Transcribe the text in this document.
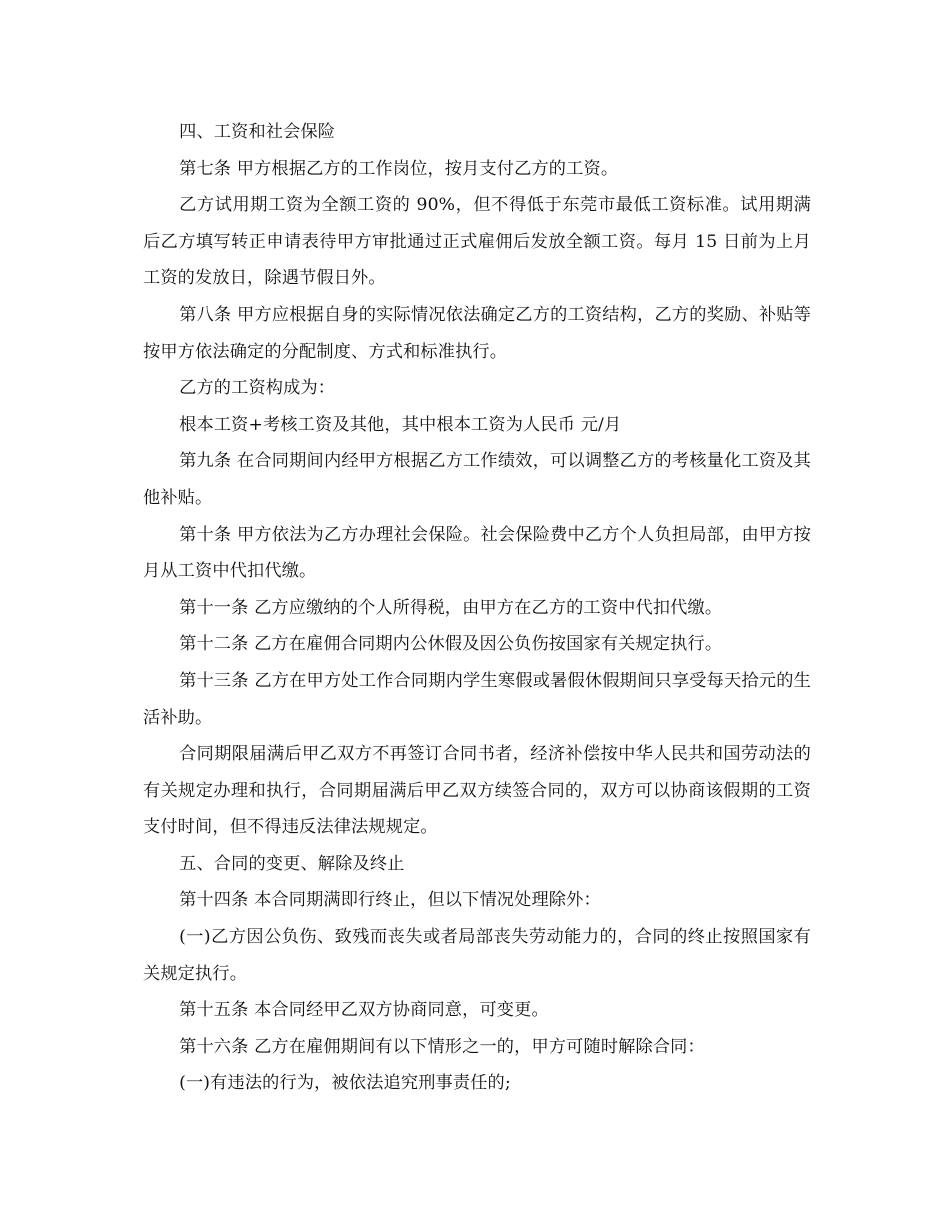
四、工资和社会保险

第七条 甲方根据乙方的工作岗位，按月支付乙方的工资。

乙方试用期工资为全额工资的 90%，但不得低于东莞市最低工资标准。试用期满后乙方填写转正申请表待甲方审批通过正式雇佣后发放全额工资。每月 15 日前为上月工资的发放日，除遇节假日外。

第八条 甲方应根据自身的实际情况依法确定乙方的工资结构，乙方的奖励、补贴等按甲方依法确定的分配制度、方式和标准执行。

乙方的工资构成为：

根本工资+考核工资及其他，其中根本工资为人民币 元/月

第九条 在合同期间内经甲方根据乙方工作绩效，可以调整乙方的考核量化工资及其他补贴。

第十条 甲方依法为乙方办理社会保险。社会保险费中乙方个人负担局部，由甲方按月从工资中代扣代缴。

第十一条 乙方应缴纳的个人所得税，由甲方在乙方的工资中代扣代缴。

第十二条 乙方在雇佣合同期内公休假及因公负伤按国家有关规定执行。

第十三条 乙方在甲方处工作合同期内学生寒假或暑假休假期间只享受每天拾元的生活补助。

合同期限届满后甲乙双方不再签订合同书者，经济补偿按中华人民共和国劳动法的有关规定办理和执行，合同期届满后甲乙双方续签合同的，双方可以协商该假期的工资支付时间，但不得违反法律法规规定。

五、合同的变更、解除及终止

第十四条 本合同期满即行终止，但以下情况处理除外：

(一)乙方因公负伤、致残而丧失或者局部丧失劳动能力的，合同的终止按照国家有关规定执行。

第十五条 本合同经甲乙双方协商同意，可变更。

第十六条 乙方在雇佣期间有以下情形之一的，甲方可随时解除合同：

(一)有违法的行为，被依法追究刑事责任的;
